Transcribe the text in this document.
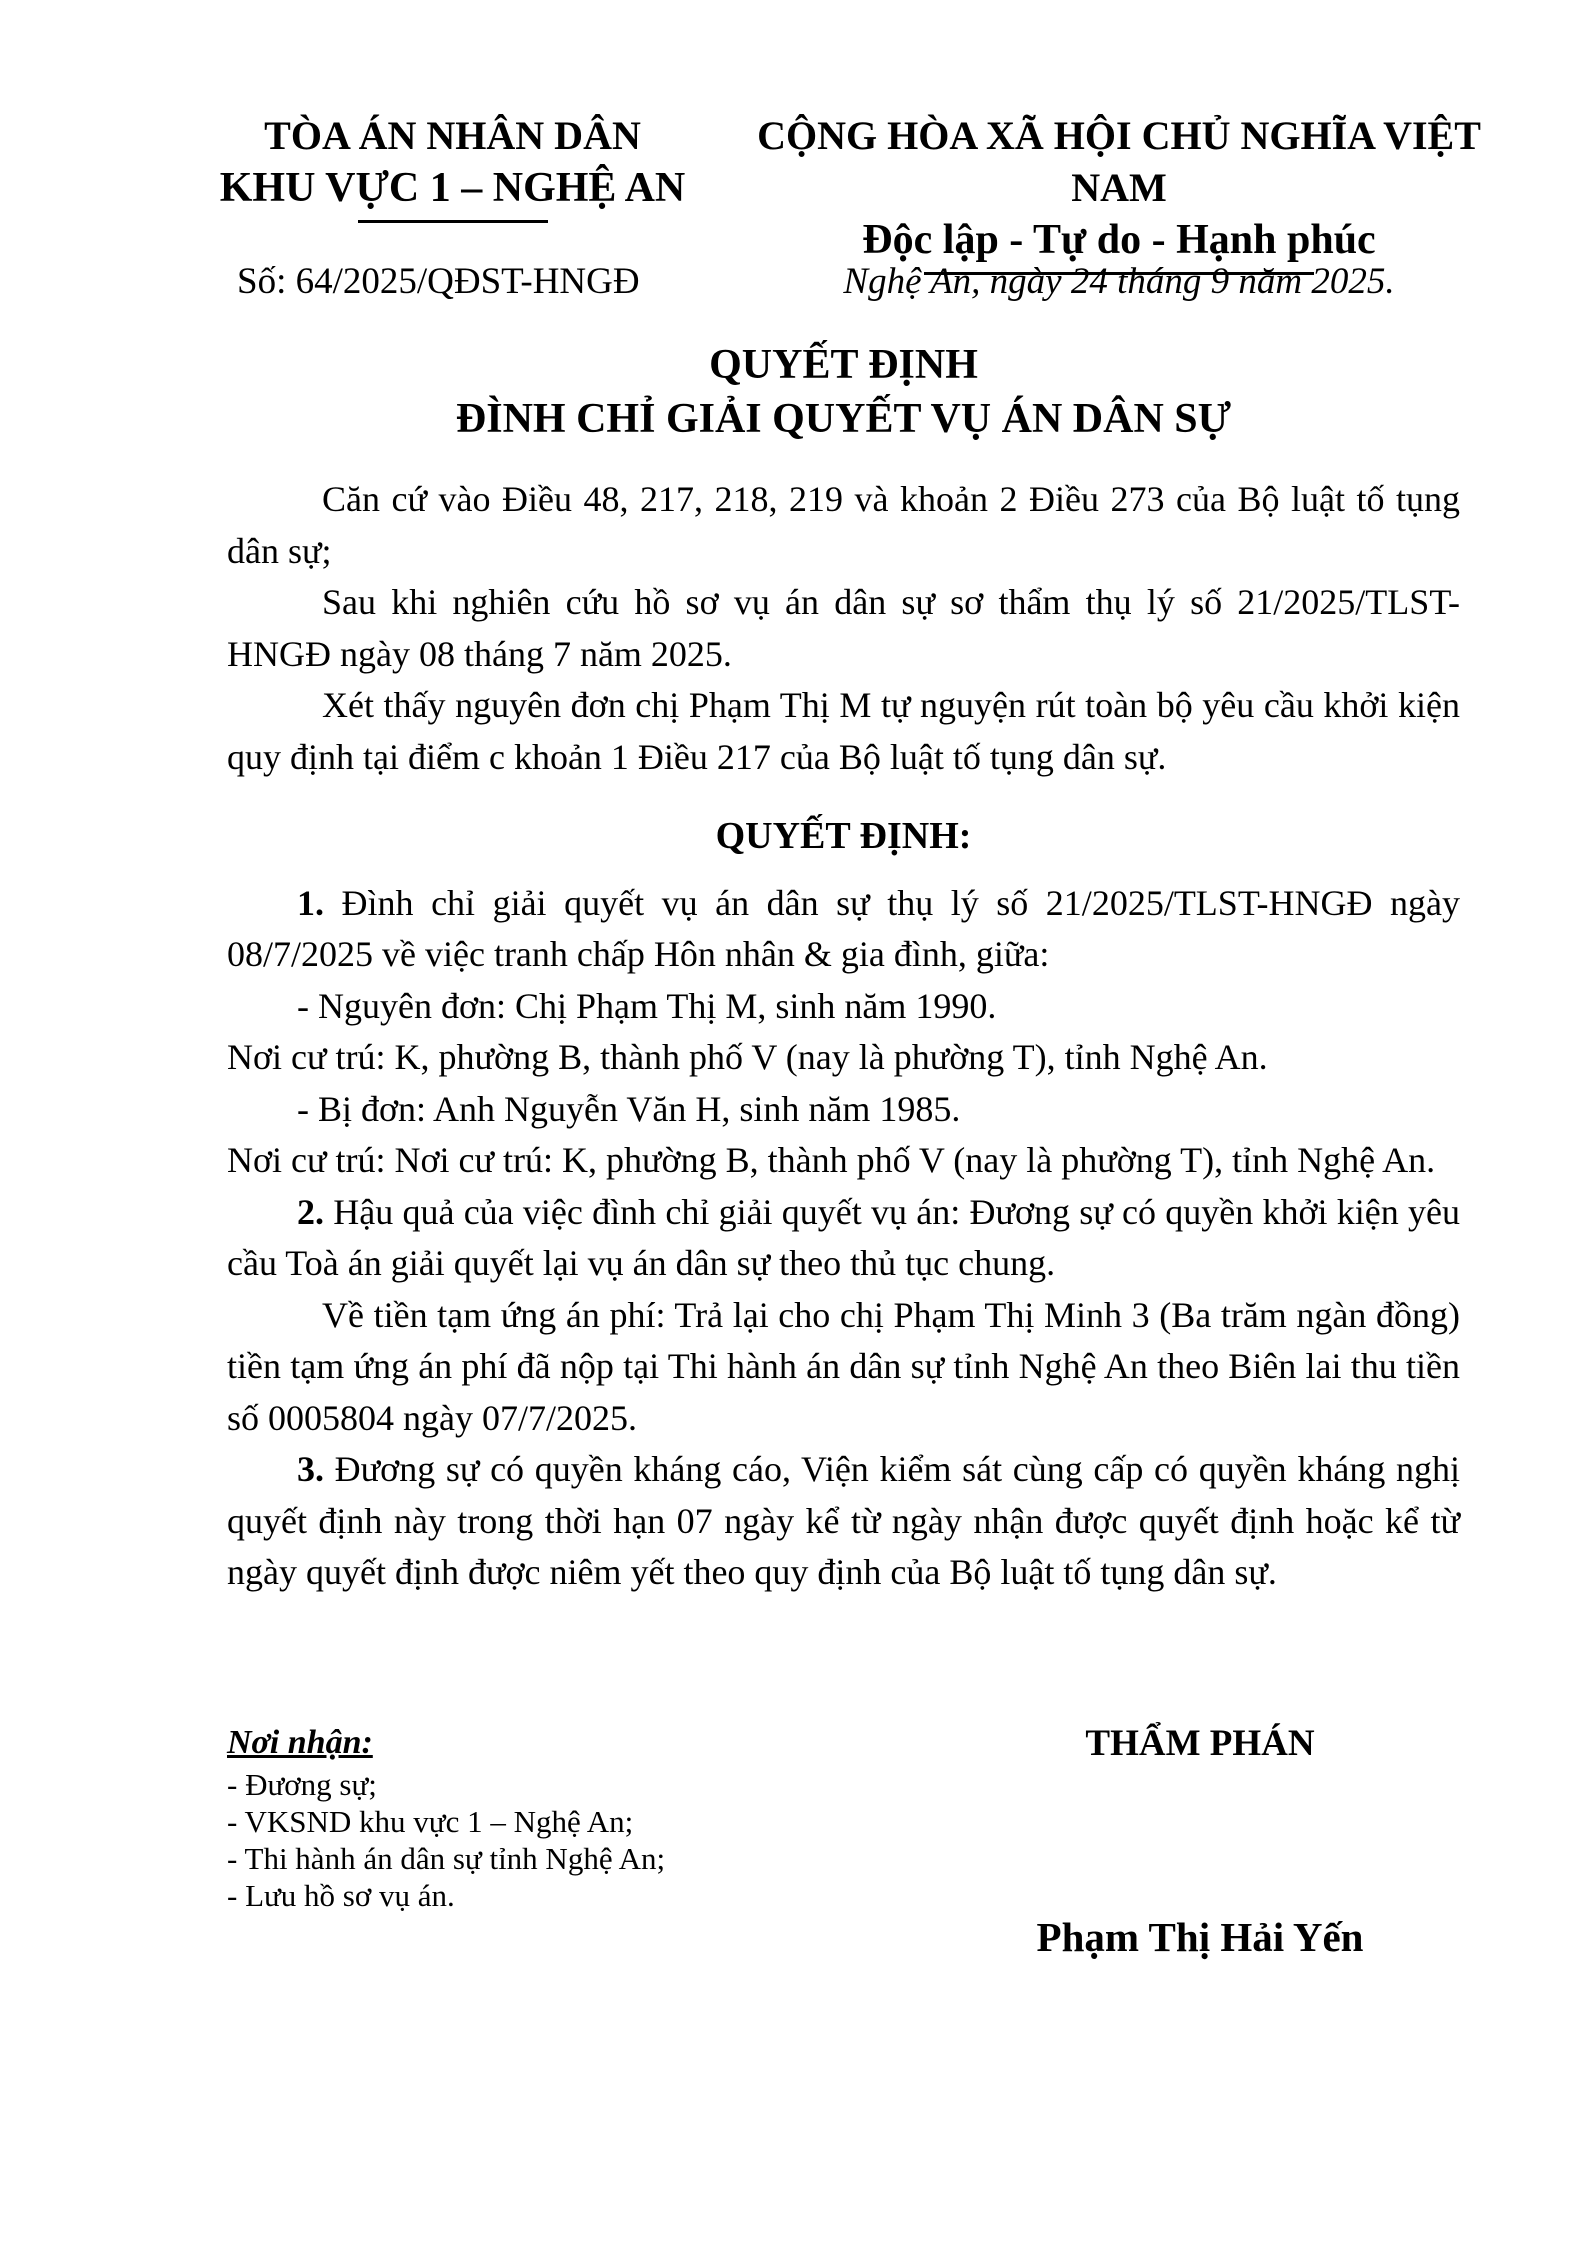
TÒA ÁN NHÂN DÂN
KHU VỰC 1 – NGHỆ AN
CỘNG HÒA XÃ HỘI CHỦ NGHĨA VIỆT NAM
Độc lập - Tự do - Hạnh phúc
Số: 64/2025/QĐST-HNGĐ	Nghệ An, ngày 24 tháng 9 năm 2025.
QUYẾT ĐỊNH
ĐÌNH CHỈ GIẢI QUYẾT VỤ ÁN DÂN SỰ

Căn cứ vào Điều 48, 217, 218, 219 và khoản 2 Điều 273 của Bộ luật tố tụng dân sự;

Sau khi nghiên cứu hồ sơ vụ án dân sự sơ thẩm thụ lý số 21/2025/TLST-HNGĐ ngày 08 tháng 7 năm 2025.

Xét thấy nguyên đơn chị Phạm Thị M tự nguyện rút toàn bộ yêu cầu khởi kiện quy định tại điểm c khoản 1 Điều 217 của Bộ luật tố tụng dân sự.

QUYẾT ĐỊNH:

1. Đình chỉ giải quyết vụ án dân sự thụ lý số 21/2025/TLST-HNGĐ ngày 08/7/2025 về việc tranh chấp Hôn nhân & gia đình, giữa:

- Nguyên đơn: Chị Phạm Thị M, sinh năm 1990.

Nơi cư trú: K, phường B, thành phố V (nay là phường T), tỉnh Nghệ An.

- Bị đơn: Anh Nguyễn Văn H, sinh năm 1985.

Nơi cư trú: Nơi cư trú: K, phường B, thành phố V (nay là phường T), tỉnh Nghệ An.

2. Hậu quả của việc đình chỉ giải quyết vụ án: Đương sự có quyền khởi kiện yêu cầu Toà án giải quyết lại vụ án dân sự theo thủ tục chung.

Về tiền tạm ứng án phí: Trả lại cho chị Phạm Thị Minh 3 (Ba trăm ngàn đồng) tiền tạm ứng án phí đã nộp tại Thi hành án dân sự tỉnh Nghệ An theo Biên lai thu tiền số 0005804 ngày 07/7/2025.

3. Đương sự có quyền kháng cáo, Viện kiểm sát cùng cấp có quyền kháng nghị quyết định này trong thời hạn 07 ngày kể từ ngày nhận được quyết định hoặc kể từ ngày quyết định được niêm yết theo quy định của Bộ luật tố tụng dân sự.

Nơi nhận:
- Đương sự;
- VKSND khu vực 1 – Nghệ An;
- Thi hành án dân sự tỉnh Nghệ An;
- Lưu hồ sơ vụ án.
THẨM PHÁN
Phạm Thị Hải Yến
